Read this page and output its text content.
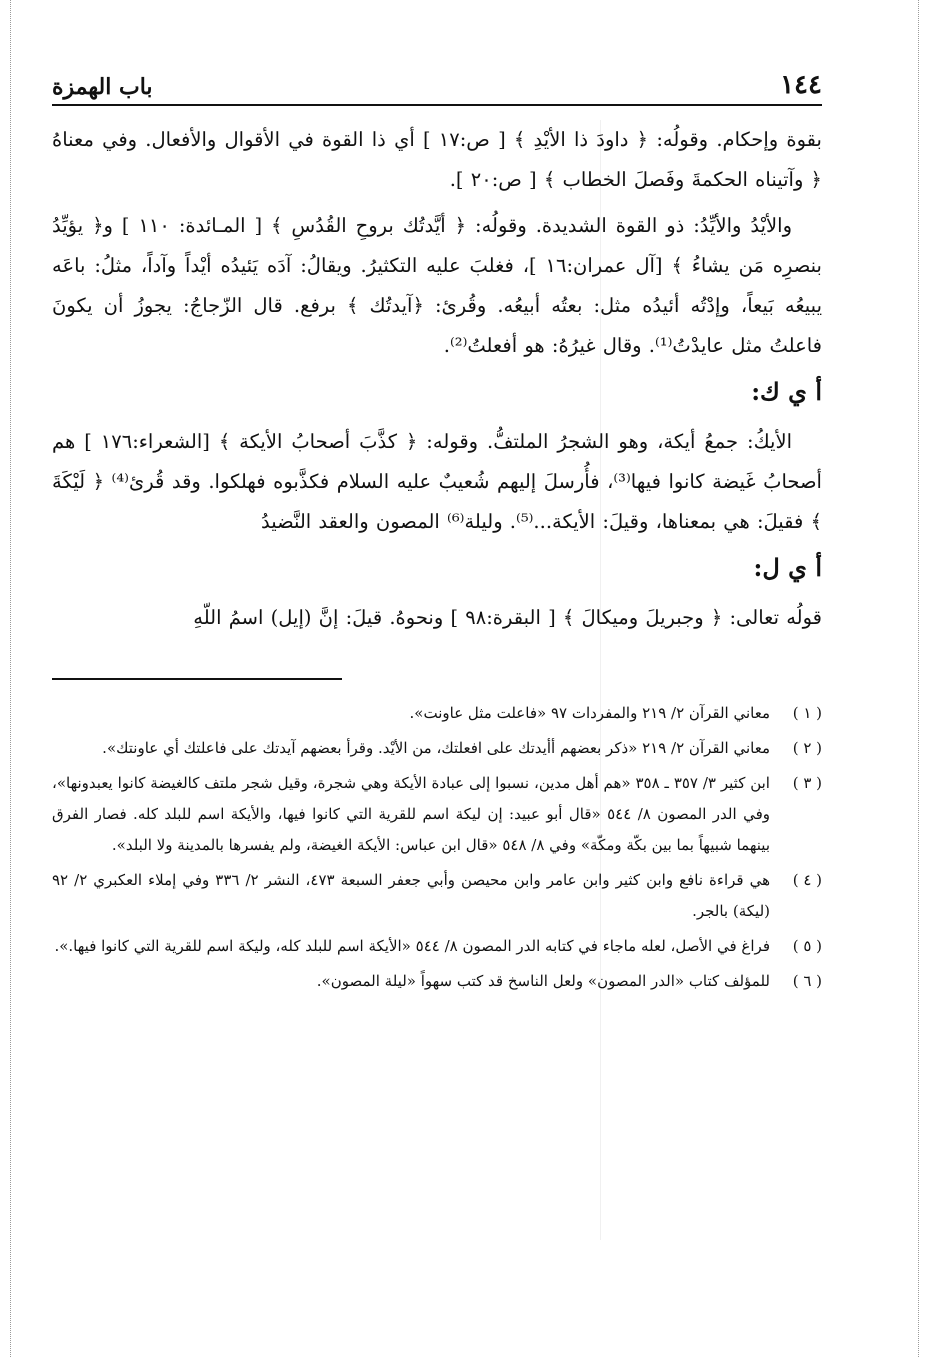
١٤٤
باب الهمزة

بقوة وإحكام. وقولُه: ﴿ داودَ ذا الأيْدِ ﴾ [ ص:١٧ ] أي ذا القوة في الأقوال والأفعال. وفي معناهُ ﴿ وآتيناه الحكمةَ وفَصلَ الخطاب ﴾ [ ص:٢٠ ].

والأيْدُ والأيِّدُ: ذو القوة الشديدة. وقولُه: ﴿ أيَّدتُك بروحِ القُدُسِ ﴾ [ المـائدة: ١١٠ ] و﴿ يؤيِّدُ بنصرِه مَن يشاءُ ﴾ [آل عمران:١٦ ]، فغلبَ عليه التكثيرُ. ويقالُ: آدَه يَئيدُه أيْداً وآداً، مثلُ: باعَه يبيعُه بَيعاً، وإدْتُه أئيدُه مثل: بعتُه أبيعُه. وقُرئ: ﴿آيدتُك ﴾ برفع. قال الزّجاجُ: يجوزُ أن يكونَ فاعلتُ مثل عايدْتُ⁽¹⁾. وقال غيرُهُ: هو أفعلتُ⁽²⁾.

أ ي ك:

الأيكُ: جمعُ أيكة، وهو الشجرُ الملتفُّ. وقوله: ﴿ كذَّبَ أصحابُ الأيكة ﴾ [الشعراء:١٧٦ ] هم أصحابُ غَيضة كانوا فيها⁽³⁾، فأُرسلَ إليهم شُعيبٌ عليه السلام فكذَّبوه فهلكوا. وقد قُرئ⁽⁴⁾ ﴿ لَيْكَةَ ﴾ فقيلَ: هي بمعناها، وقيلَ: الأيكة...⁽⁵⁾. وليلة⁽⁶⁾ المصون والعقد النَّضيدُ

أ ي ل:

قولُه تعالى: ﴿ وجبريلَ وميكالَ ﴾ [ البقرة:٩٨ ] ونحوهُ. قيلَ: إنَّ (إيل) اسمُ اللّهِ

( ١ )
معاني القرآن ٢/ ٢١٩ والمفردات ٩٧ «فاعلت مثل عاونت».
( ٢ )
معاني القرآن ٢/ ٢١٩ «ذكر بعضهم أأيدتك على افعلتك، من الأيْد. وقرأ بعضهم آيدتك على فاعلتك أي عاونتك».
( ٣ )
ابن كثير ٣/ ٣٥٧ ـ ٣٥٨ «هم أهل مدين، نسبوا إلى عبادة الأيكة وهي شجرة، وقيل شجر ملتف كالغيضة كانوا يعبدونها»، وفي الدر المصون ٨/ ٥٤٤ «قال أبو عبيد: إن ليكة اسم للقرية التي كانوا فيها، والأيكة اسم للبلد كله. فصار الفرق بينهما شبيهاً بما بين بكّة ومكّة» وفي ٨/ ٥٤٨ «قال ابن عباس: الأيكة الغيضة، ولم يفسرها بالمدينة ولا البلد».
( ٤ )
هي قراءة نافع وابن كثير وابن عامر وابن محيصن وأبي جعفر السبعة ٤٧٣، النشر ٢/ ٣٣٦ وفي إملاء العكبري ٢/ ٩٢ (ليكة) بالجر.
( ٥ )
فراغ في الأصل، لعله ماجاء في كتابه الدر المصون ٨/ ٥٤٤ «الأيكة اسم للبلد كله، وليكة اسم للقرية التي كانوا فيها.».
( ٦ )
للمؤلف كتاب «الدر المصون» ولعل الناسخ قد كتب سهواً «ليلة المصون».
